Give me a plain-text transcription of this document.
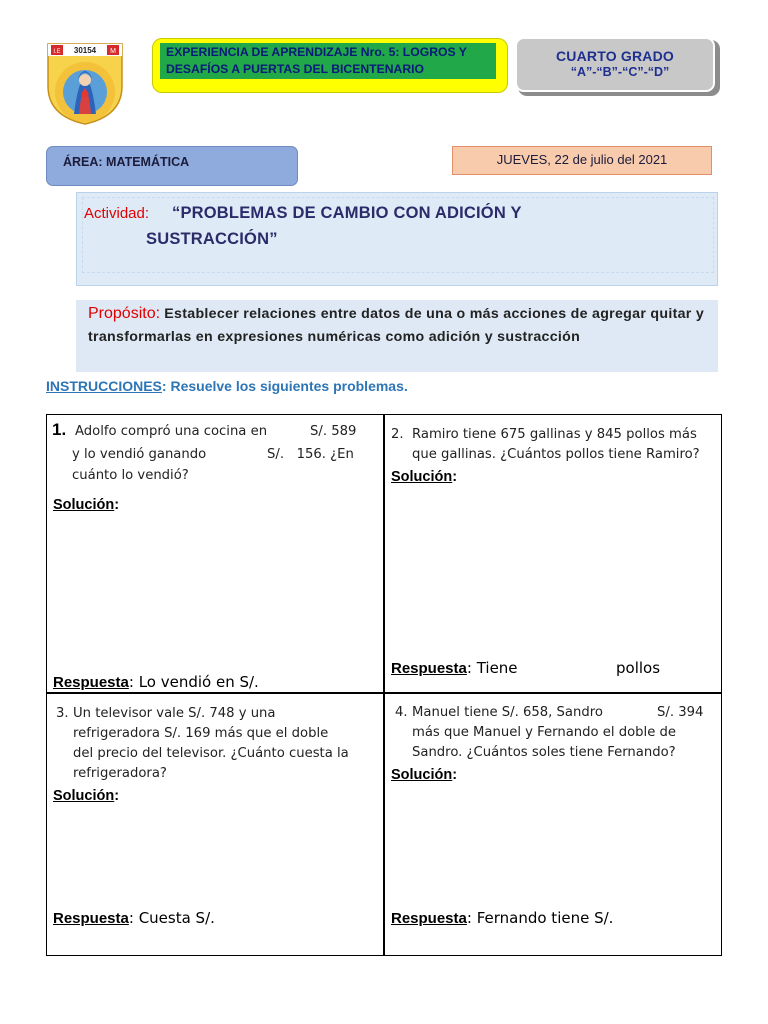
I.E	M
30154	EXPERIENCIA DE APRENDIZAJE Nro. 5: LOGROS Y
DESAFÍOS A PUERTAS DEL BICENTENARIO
CUARTO GRADO
“A”-“B”-“C”-“D”
ÁREA: MATEMÁTICA	JUEVES, 22 de julio del 2021
Actividad: “PROBLEMAS DE CAMBIO CON ADICIÓN Y
SUSTRACCIÓN”
Propósito: Establecer relaciones entre datos de una o más acciones de agregar quitar y transformarlas en expresiones numéricas como adición y sustracción
INSTRUCCIONES: Resuelve los siguientes problemas.
1. Adolfo compró una cocina en	S/. 589
y lo vendió ganando	S/.   156. ¿En
cuánto lo vendió?
Solución:
Respuesta: Lo vendió en S/.
2. Ramiro tiene 675 gallinas y 845 pollos más
que gallinas. ¿Cuántos pollos tiene Ramiro?
Solución:
Respuesta: Tiene	pollos
3. Un televisor vale S/. 748 y una
refrigeradora S/. 169 más que el doble
del precio del televisor. ¿Cuánto cuesta la
refrigeradora?
Solución:
Respuesta: Cuesta S/.
4. Manuel tiene S/. 658, Sandro	S/. 394
más que Manuel y Fernando el doble de
Sandro. ¿Cuántos soles tiene Fernando?
Solución:
Respuesta: Fernando tiene S/.
